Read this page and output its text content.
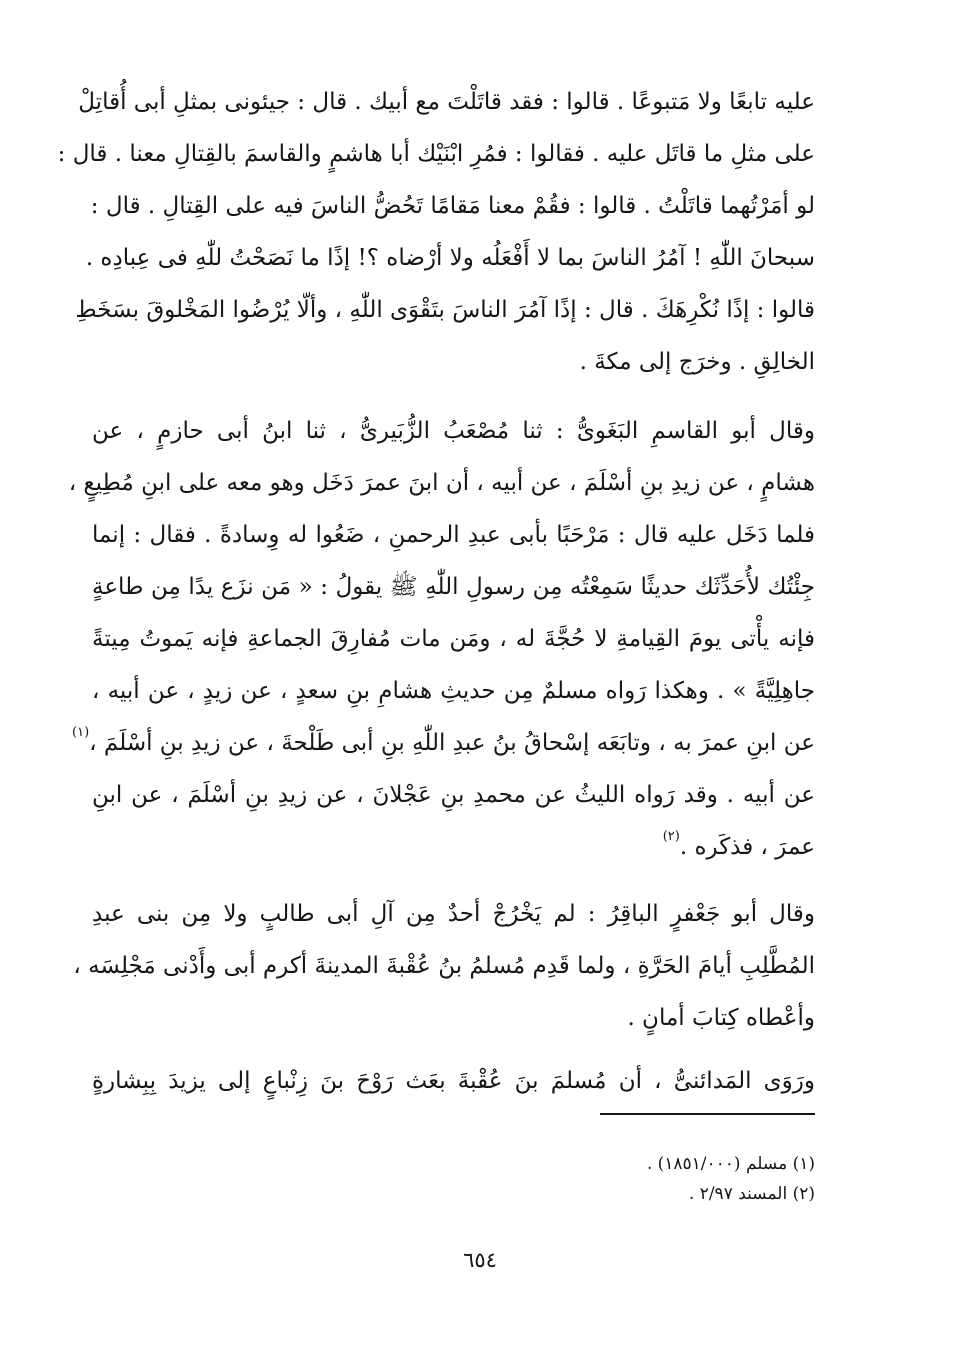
عليه تابعًا ولا مَتبوعًا . قالوا : فقد قاتَلْتَ مع أبيك . قال : جيئونى بمثلِ أبى أُقاتِلْ
على مثلِ ما قاتَل عليه . فقالوا : فمُرِ ابْنَيْك أبا هاشمٍ والقاسمَ بالقِتالِ معنا . قال :
لو أمَرْتُهما قاتَلْتُ . قالوا : فقُمْ معنا مَقامًا تَحُضُّ الناسَ فيه على القِتالِ . قال :
سبحانَ اللّٰهِ ! آمُرُ الناسَ بما لا أَفْعَلُه ولا أرْضاه ؟! إذًا ما نَصَحْتُ للّٰهِ فى عِبادِه .
قالوا : إذًا نُكْرِهَكَ . قال : إذًا آمُرَ الناسَ بتَقْوَى اللّٰهِ ، وألّا يُرْضُوا المَخْلوقَ بسَخَطِ
الخالِقِ . وخرَج إلى مكةَ .
وقال أبو القاسمِ البَغَوىُّ : ثنا مُصْعَبُ الزُّبَيرىُّ ، ثنا ابنُ أبى حازمٍ ، عن
هشامٍ ، عن زيدِ بنِ أسْلَمَ ، عن أبيه ، أن ابنَ عمرَ دَخَل وهو معه على ابنِ مُطِيعٍ ،
فلما دَخَل عليه قال : مَرْحَبًا بأبى عبدِ الرحمنِ ، ضَعُوا له وِسادةً . فقال : إنما
جِئْتُك لأُحَدِّثَك حديثًا سَمِعْتُه مِن رسولِ اللّٰهِ ﷺ يقولُ : « مَن نزَع يدًا مِن طاعةٍ
فإنه يأْتى يومَ القِيامةِ لا حُجَّةَ له ، ومَن مات مُفارِقَ الجماعةِ فإنه يَموتُ مِيتةً
جاهِلِيَّةً » . وهكذا رَواه مسلمٌ مِن حديثِ هشامِ بنِ سعدٍ ، عن زيدٍ ، عن أبيه ،
عن ابنِ عمرَ به ، وتابَعَه إسْحاقُ بنُ عبدِ اللّٰهِ بنِ أبى طَلْحةَ ، عن زيدِ بنِ أسْلَمَ ،$^{(١)}$
عن أبيه . وقد رَواه الليثُ عن محمدِ بنِ عَجْلانَ ، عن زيدِ بنِ أسْلَمَ ، عن ابنِ
عمرَ ، فذكَره .$^{(٢)}$
وقال أبو جَعْفرٍ الباقِرُ : لم يَخْرُجْ أحدٌ مِن آلِ أبى طالبٍ ولا مِن بنى عبدِ
المُطَّلِبِ أيامَ الحَرَّةِ ، ولما قَدِم مُسلمُ بنُ عُقْبةَ المدينةَ أكرم أبى وأَدْنى مَجْلِسَه ،
وأعْطاه كِتابَ أمانٍ .
ورَوَى المَدائنىُّ ، أن مُسلمَ بنَ عُقْبةَ بعَث رَوْحَ بنَ زِنْباعٍ إلى يزيدَ بِبِشارةٍ
(١) مسلم (١٨٥١/٠٠٠) .
(٢) المسند ٢/٩٧ .
٦٥٤
